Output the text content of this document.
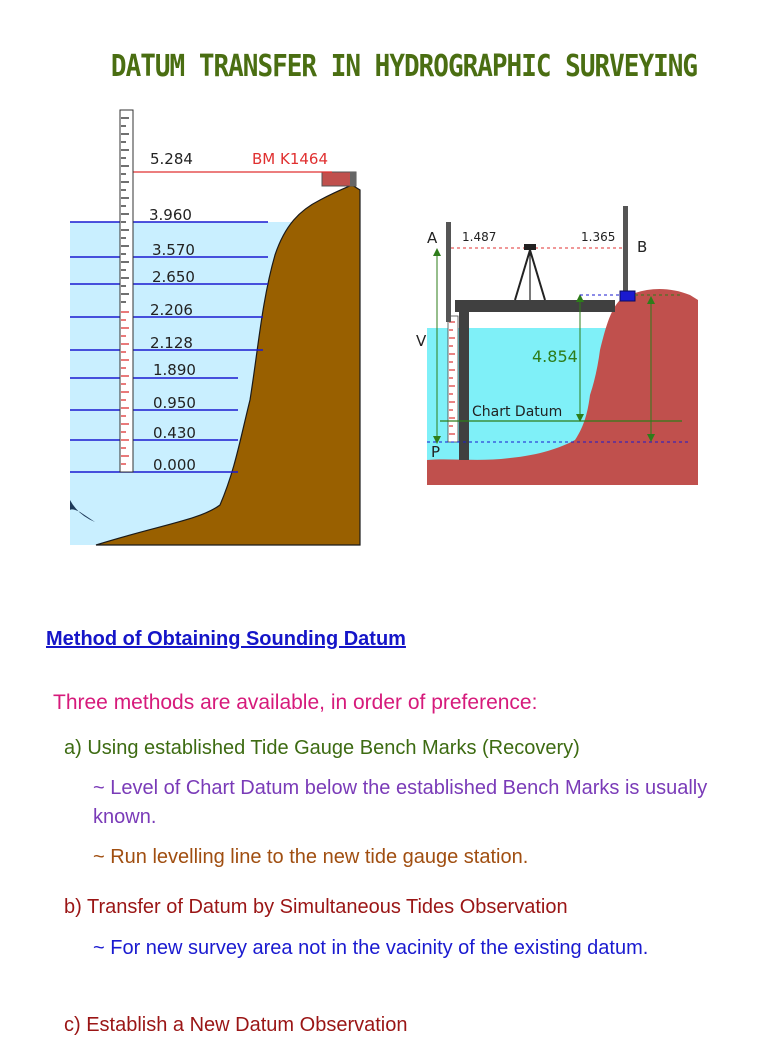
DATUM TRANSFER IN HYDROGRAPHIC SURVEYING
5.284	BM K1464
3.960
3.570
2.650
2.206
2.128
1.890
0.950
0.430
0.000
A 1.487	1.365
B
V
4.854
Chart Datum
P
Method of Obtaining Sounding Datum
Three methods are available, in order of preference:
a) Using established Tide Gauge Bench Marks (Recovery)
~ Level of Chart Datum below the established Bench Marks is usually known.
~ Run levelling line to the new tide gauge station.
b) Transfer of Datum by Simultaneous Tides Observation
~ For new survey area not in the vacinity of the existing datum.
c) Establish a New Datum Observation
